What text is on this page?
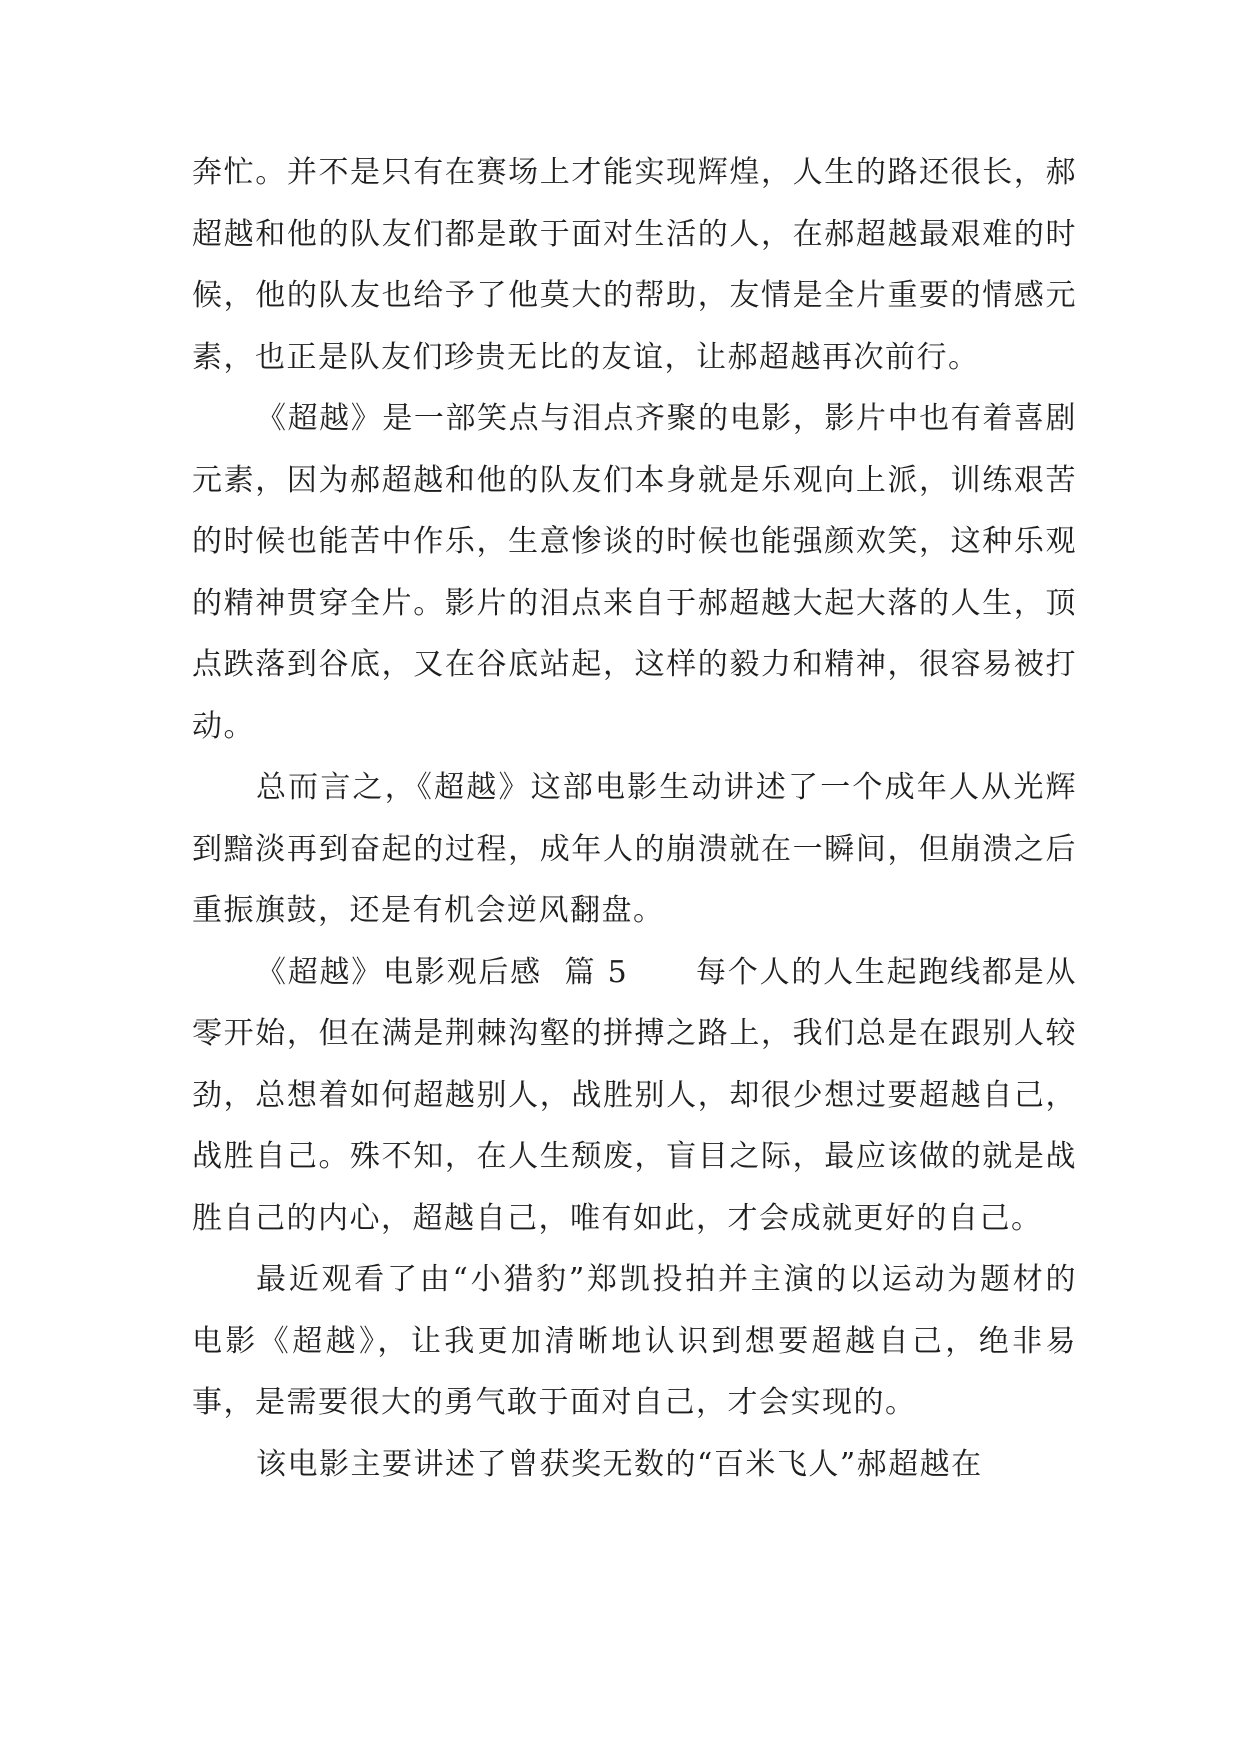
奔忙。并不是只有在赛场上才能实现辉煌，人生的路还很长，郝超越和他的队友们都是敢于面对生活的人，在郝超越最艰难的时候，他的队友也给予了他莫大的帮助，友情是全片重要的情感元素，也正是队友们珍贵无比的友谊，让郝超越再次前行。

《超越》是一部笑点与泪点齐聚的电影，影片中也有着喜剧元素，因为郝超越和他的队友们本身就是乐观向上派，训练艰苦的时候也能苦中作乐，生意惨谈的时候也能强颜欢笑，这种乐观的精神贯穿全片。影片的泪点来自于郝超越大起大落的人生，顶点跌落到谷底，又在谷底站起，这样的毅力和精神，很容易被打动。

总而言之，《超越》这部电影生动讲述了一个成年人从光辉到黯淡再到奋起的过程，成年人的崩溃就在一瞬间，但崩溃之后重振旗鼓，还是有机会逆风翻盘。

《超越》电影观后感  篇 5      每个人的人生起跑线都是从零开始，但在满是荆棘沟壑的拼搏之路上，我们总是在跟别人较劲，总想着如何超越别人，战胜别人，却很少想过要超越自己，战胜自己。殊不知，在人生颓废，盲目之际，最应该做的就是战胜自己的内心，超越自己，唯有如此，才会成就更好的自己。

最近观看了由“小猎豹”郑凯投拍并主演的以运动为题材的电影《超越》，让我更加清晰地认识到想要超越自己，绝非易事，是需要很大的勇气敢于面对自己，才会实现的。

该电影主要讲述了曾获奖无数的“百米飞人”郝超越在
